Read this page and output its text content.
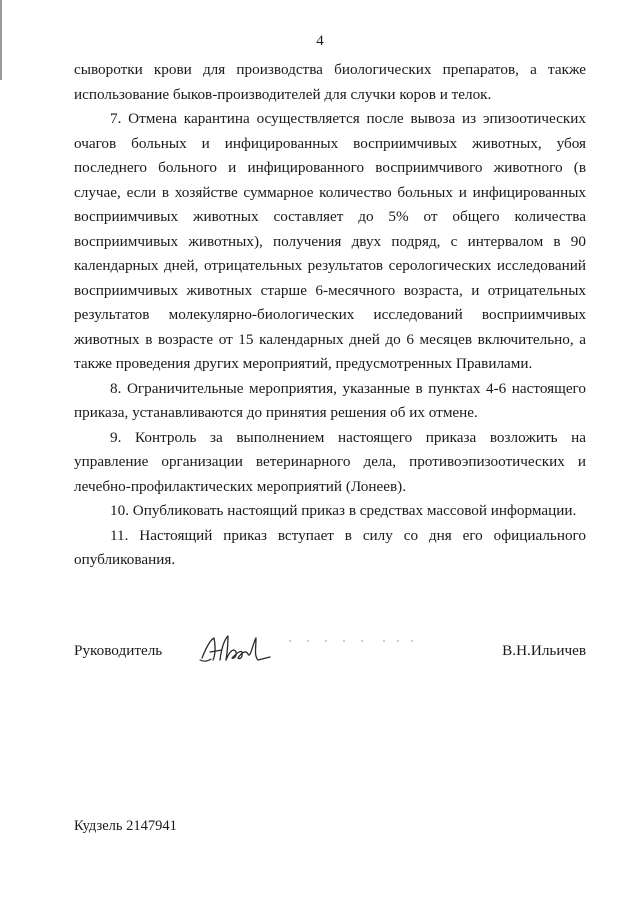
4

сыворотки крови для производства биологических препаратов, а также использование быков-производителей для случки коров и телок.

7. Отмена карантина осуществляется после вывоза из эпизоотических очагов больных и инфицированных восприимчивых животных, убоя последнего больного и инфицированного восприимчивого животного (в случае, если в хозяйстве суммарное количество больных и инфицированных восприимчивых животных составляет до 5% от общего количества восприимчивых животных), получения двух подряд, с интервалом в 90 календарных дней, отрицательных результатов серологических исследований восприимчивых животных старше 6-месячного возраста, и отрицательных результатов молекулярно-биологических исследований восприимчивых животных в возрасте от 15 календарных дней до 6 месяцев включительно, а также проведения других мероприятий, предусмотренных Правилами.

8. Ограничительные мероприятия, указанные в пунктах 4-6 настоящего приказа, устанавливаются до принятия решения об их отмене.

9. Контроль за выполнением настоящего приказа возложить на управление организации ветеринарного дела, противоэпизоотических и лечебно-профилактических мероприятий (Лонеев).

10. Опубликовать настоящий приказ в средствах массовой информации.

11. Настоящий приказ вступает в силу со дня его официального опубликования.

Руководитель	В.Н.Ильичев
Кудзель 2147941
